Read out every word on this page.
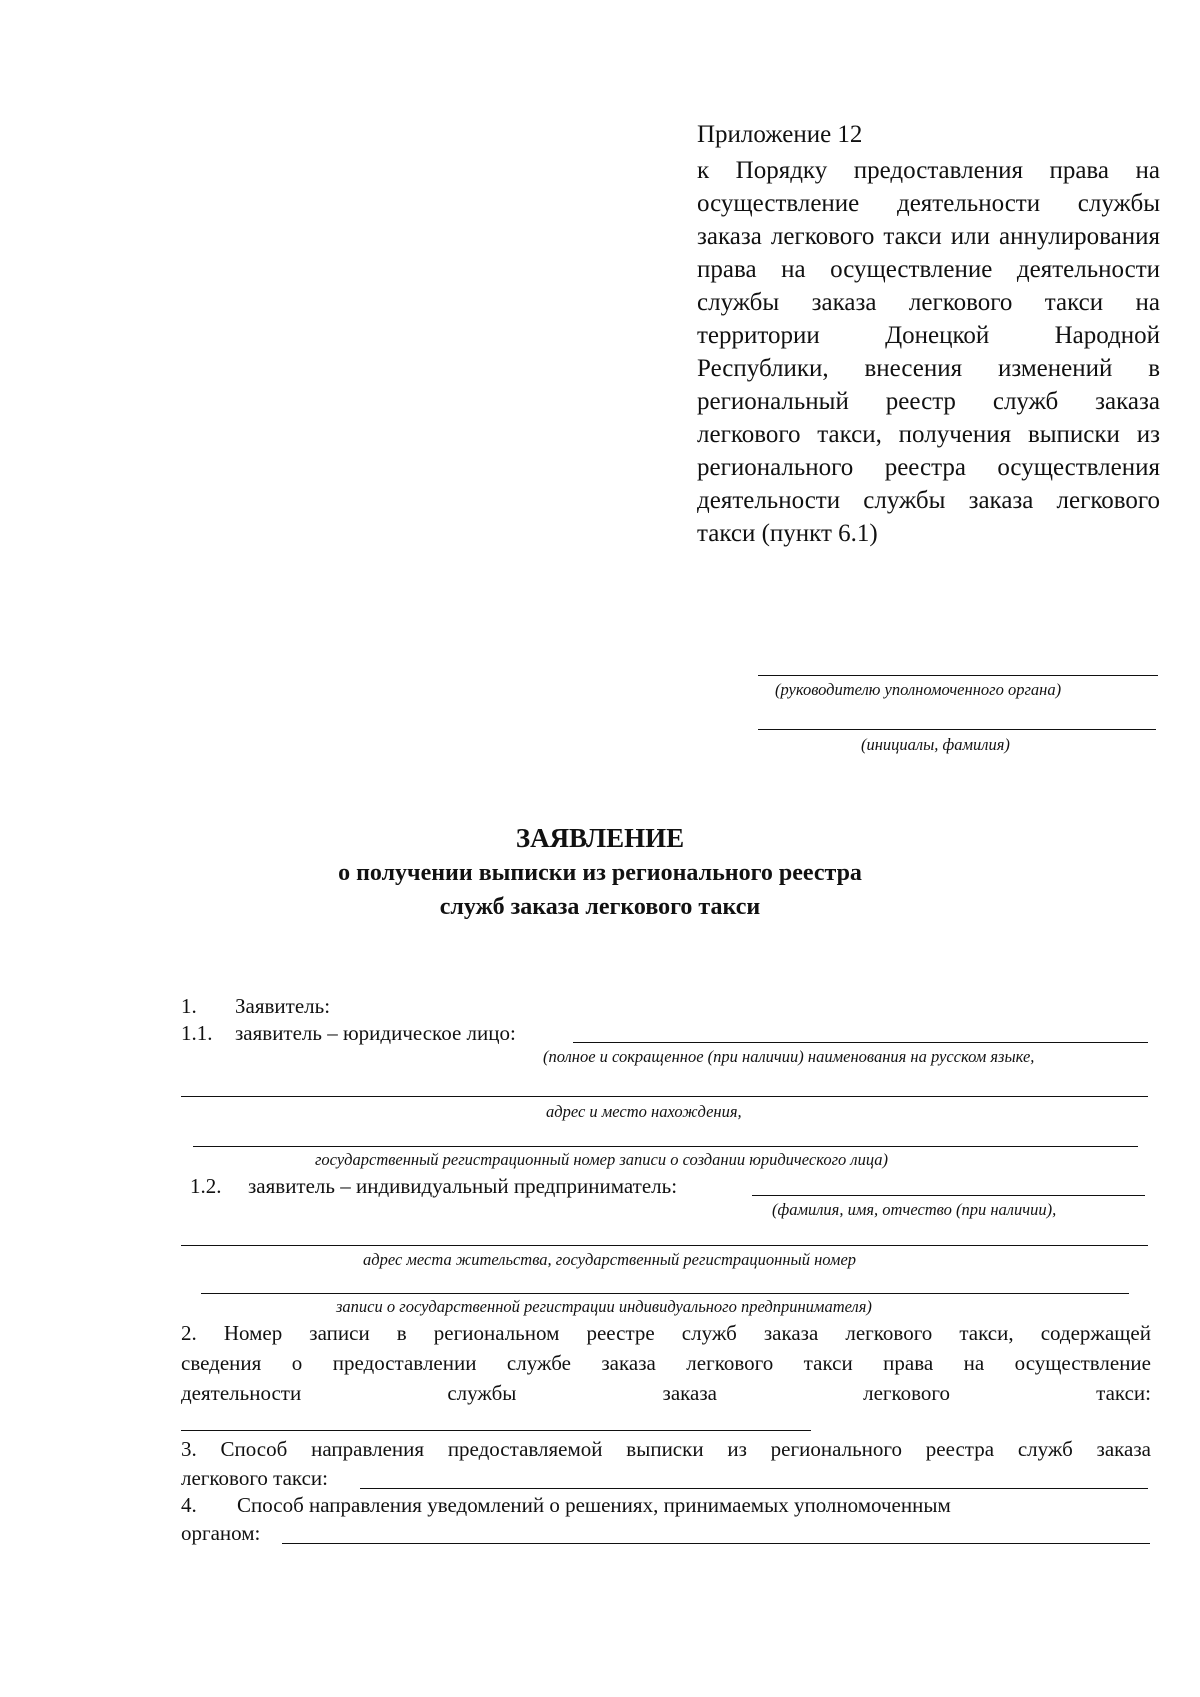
Приложение 12
к Порядку предоставления права на осуществление деятельности службы заказа легкового такси или аннулирования права на осуществление деятельности службы заказа легкового такси на территории Донецкой Народной Республики, внесения изменений в региональный реестр служб заказа легкового такси, получения выписки из регионального реестра осуществления деятельности службы заказа легкового такси (пункт 6.1)
(руководителю уполномоченного органа)
(инициалы, фамилия)
ЗАЯВЛЕНИЕ
о получении выписки из регионального реестра
служб заказа легкового такси
1. Заявитель:
1.1. заявитель – юридическое лицо:
(полное и сокращенное (при наличии) наименования на русском языке,
адрес и место нахождения,
государственный регистрационный номер записи о создании юридического лица)
1.2. заявитель – индивидуальный предприниматель:
(фамилия, имя, отчество (при наличии),
адрес места жительства, государственный регистрационный номер
записи о государственной регистрации индивидуального предпринимателя)
2. Номер записи в региональном реестре служб заказа легкового такси, содержащей
сведения о предоставлении службе заказа легкового такси права на осуществление
деятельности службы заказа легкового такси:
3. Способ направления предоставляемой выписки из регионального реестра служб заказа
легкового такси:
4. Способ направления уведомлений о решениях, принимаемых уполномоченным
органом:
